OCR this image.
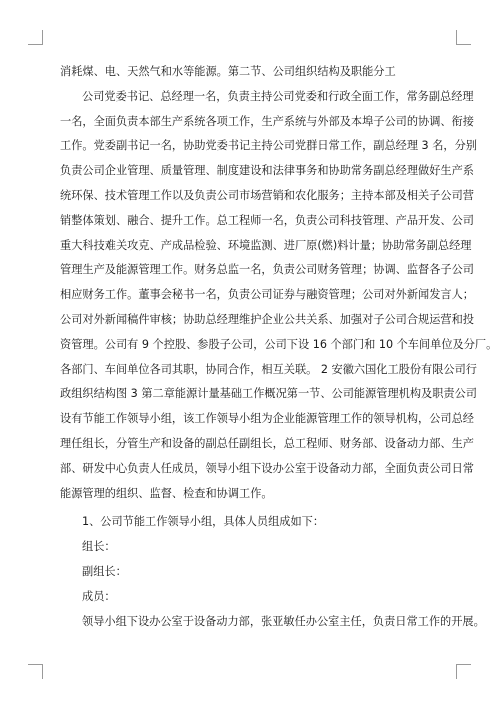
消耗煤、电、天然气和水等能源。第二节、公司组织结构及职能分工
公司党委书记、总经理一名，负责主持公司党委和行政全面工作，常务副总经理
一名，全面负责本部生产系统各项工作，生产系统与外部及本埠子公司的协调、衔接
工作。党委副书记一名，协助党委书记主持公司党群日常工作，副总经理 3 名，分别
负责公司企业管理、质量管理、制度建设和法律事务和协助常务副总经理做好生产系
统环保、技术管理工作以及负责公司市场营销和农化服务；主持本部及相关子公司营
销整体策划、融合、提升工作。总工程师一名，负责公司科技管理、产品开发、公司
重大科技难关攻克、产成品检验、环境监测、进厂原(燃)料计量；协助常务副总经理
管理生产及能源管理工作。财务总监一名，负责公司财务管理；协调、监督各子公司
相应财务工作。董事会秘书一名，负责公司证券与融资管理；公司对外新闻发言人；
公司对外新闻稿件审核；协助总经理维护企业公共关系、加强对子公司合规运营和投
资管理。公司有 9 个控股、参股子公司，公司下设 16 个部门和 10 个车间单位及分厂。
各部门、车间单位各司其职，协同合作，相互关联。 2 安徽六国化工股份有限公司行
政组织结构图 3 第二章能源计量基础工作概况第一节、公司能源管理机构及职责公司
设有节能工作领导小组，该工作领导小组为企业能源管理工作的领导机构，公司总经
理任组长，分管生产和设备的副总任副组长，总工程师、财务部、设备动力部、生产
部、研发中心负责人任成员，领导小组下设办公室于设备动力部，全面负责公司日常
能源管理的组织、监督、检查和协调工作。
1、公司节能工作领导小组，具体人员组成如下：
组长：
副组长：
成员：
领导小组下设办公室于设备动力部，张亚敏任办公室主任，负责日常工作的开展。
